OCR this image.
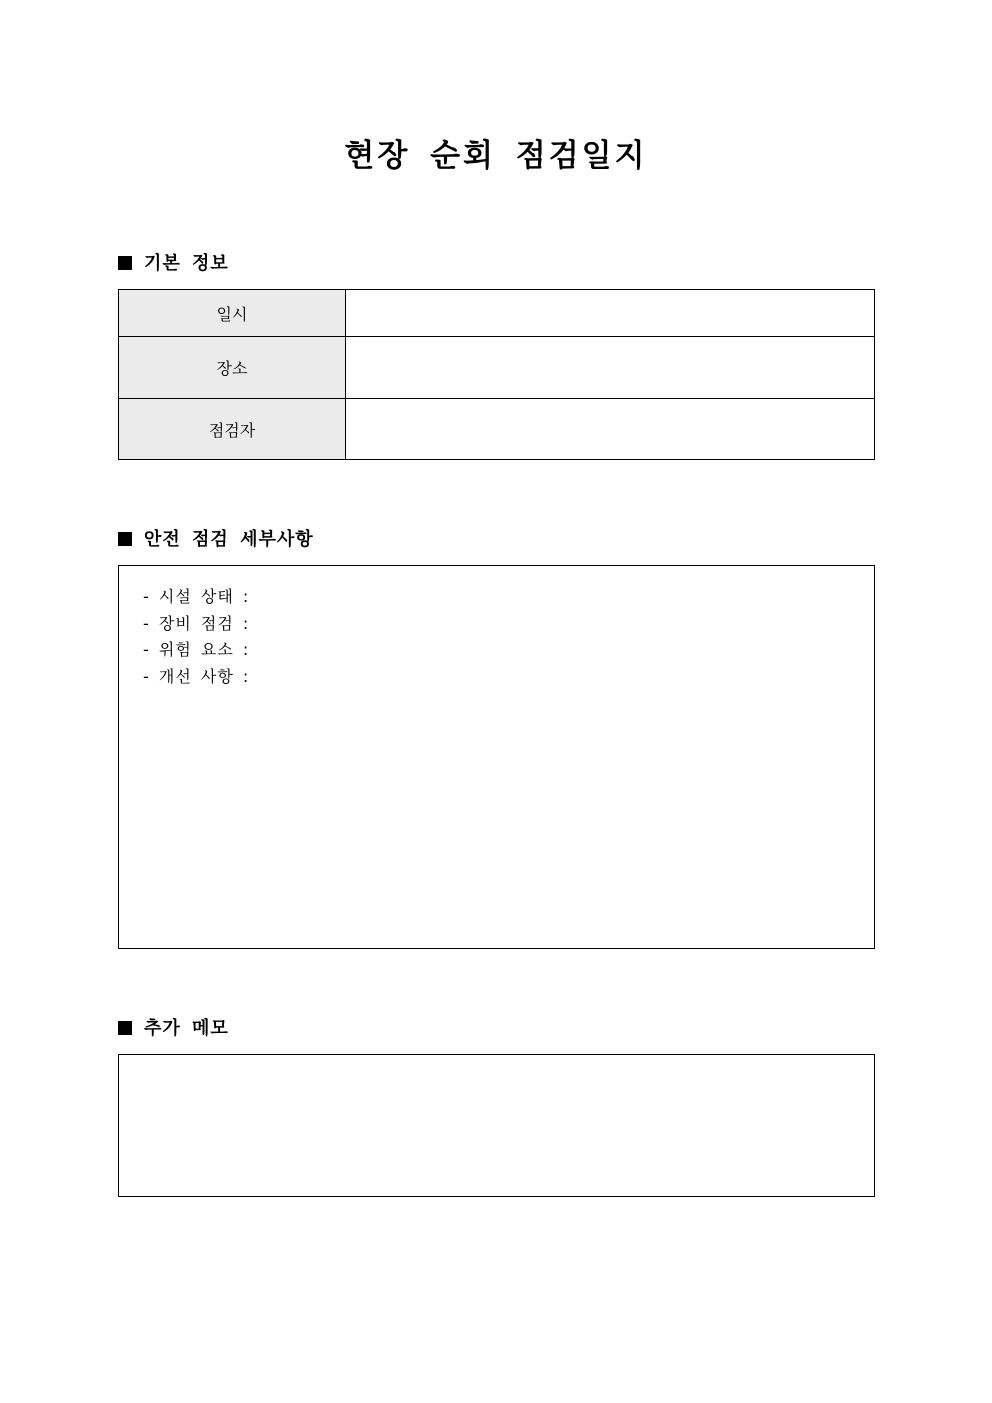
현장 순회 점검일지
기본 정보
일시	
장소	
점검자	
안전 점검 세부사항
- 시설 상태 :
- 장비 점검 :
- 위험 요소 :
- 개선 사항 :
추가 메모
